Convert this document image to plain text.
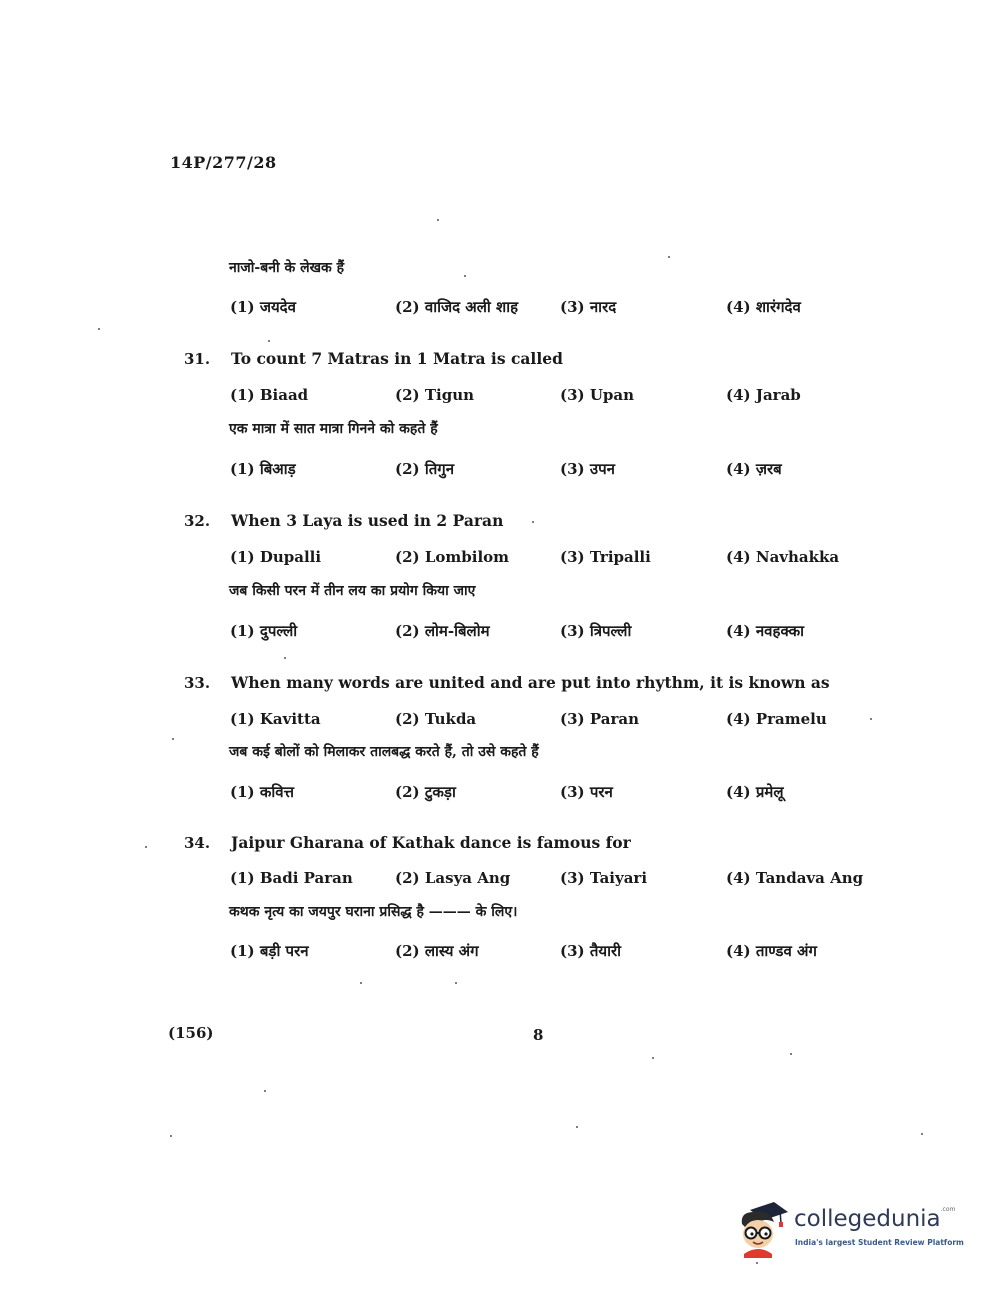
14P/277/28
नाजो-बनी के लेखक हैं
(1) जयदेव	(2) वाजिद अली शाह	(3) नारद	(4) शारंगदेव
31. To count 7 Matras in 1 Matra is called
(1) Biaad	(2) Tigun	(3) Upan	(4) Jarab
एक मात्रा में सात मात्रा गिनने को कहते हैं
(1) बिआड़	(2) तिगुन	(3) उपन	(4) ज़रब
32. When 3 Laya is used in 2 Paran
(1) Dupalli	(2) Lombilom	(3) Tripalli	(4) Navhakka
जब किसी परन में तीन लय का प्रयोग किया जाए
(1) दुपल्ली	(2) लोम-बिलोम	(3) त्रिपल्ली	(4) नवहक्का
33. When many words are united and are put into rhythm, it is known as
(1) Kavitta	(2) Tukda	(3) Paran	(4) Pramelu
जब कई बोलों को मिलाकर तालबद्ध करते हैं, तो उसे कहते हैं
(1) कवित्त	(2) टुकड़ा	(3) परन	(4) प्रमेलू
34. Jaipur Gharana of Kathak dance is famous for
(1) Badi Paran	(2) Lasya Ang	(3) Taiyari	(4) Tandava Ang
कथक नृत्य का जयपुर घराना प्रसिद्ध है ——— के लिए।
(1) बड़ी परन	(2) लास्य अंग	(3) तैयारी	(4) ताण्डव अंग
(156)	8
collegedunia$^{.com}$
India's largest Student Review Platform
